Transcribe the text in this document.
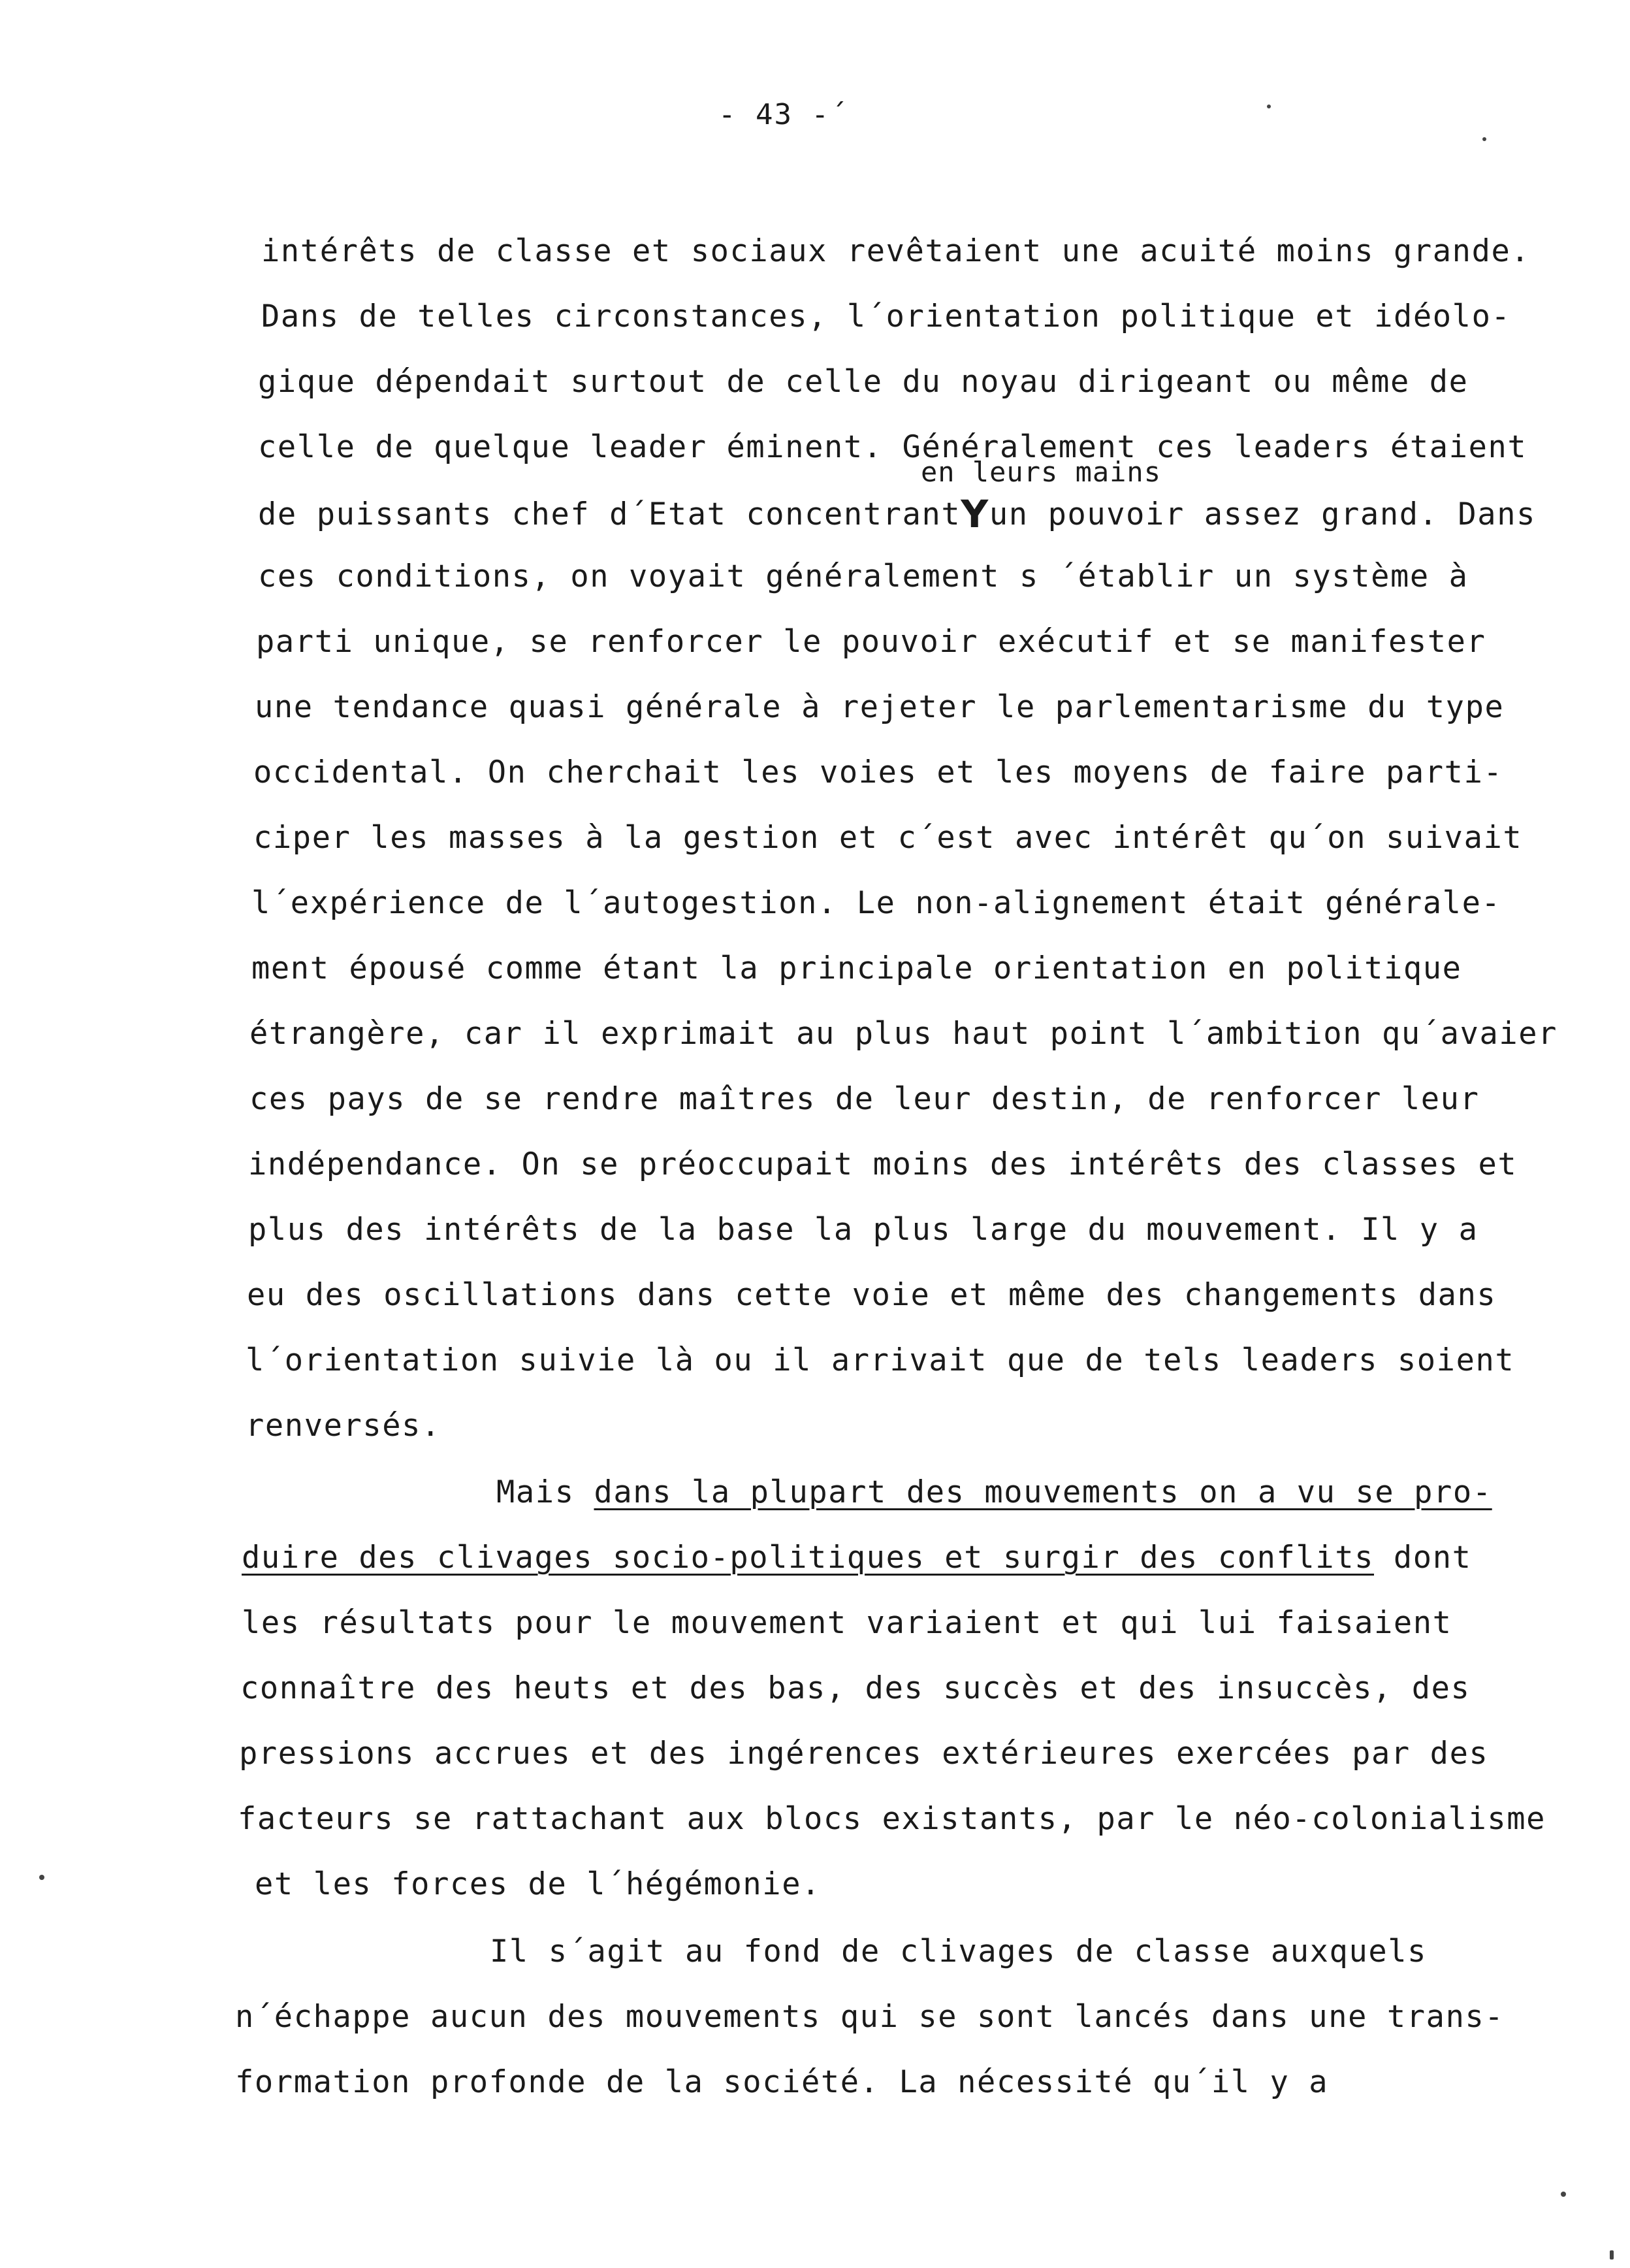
- 43 -´
intérêts de classe et sociaux revêtaient une acuité moins grande.
Dans de telles circonstances, l´orientation politique et idéolo-
gique dépendait surtout de celle du noyau dirigeant ou même de
celle de quelque leader éminent. Généralement ces leaders étaient
en leurs mains
de puissants chef d´Etat concentrantYun pouvoir assez grand. Dans
ces conditions, on voyait généralement s ´établir un système à
parti unique, se renforcer le pouvoir exécutif et se manifester
une tendance quasi générale à rejeter le parlementarisme du type
occidental. On cherchait les voies et les moyens de faire parti-
ciper les masses à la gestion et c´est avec intérêt qu´on suivait
l´expérience de l´autogestion. Le non-alignement était générale-
ment épousé comme étant la principale orientation en politique
étrangère, car il exprimait au plus haut point l´ambition qu´avaier
ces pays de se rendre maîtres de leur destin, de renforcer leur
indépendance. On se préoccupait moins des intérêts des classes et
plus des intérêts de la base la plus large du mouvement. Il y a
eu des oscillations dans cette voie et même des changements dans
l´orientation suivie là ou il arrivait que de tels leaders soient
renversés.
Mais dans la plupart des mouvements on a vu se pro-
duire des clivages socio-politiques et surgir des conflits dont
les résultats pour le mouvement variaient et qui lui faisaient
connaître des heuts et des bas, des succès et des insuccès, des
pressions accrues et des ingérences extérieures exercées par des
facteurs se rattachant aux blocs existants, par le néo-colonialisme
et les forces de l´hégémonie.
Il s´agit au fond de clivages de classe auxquels
n´échappe aucun des mouvements qui se sont lancés dans une trans-
formation profonde de la société. La nécessité qu´il y a
